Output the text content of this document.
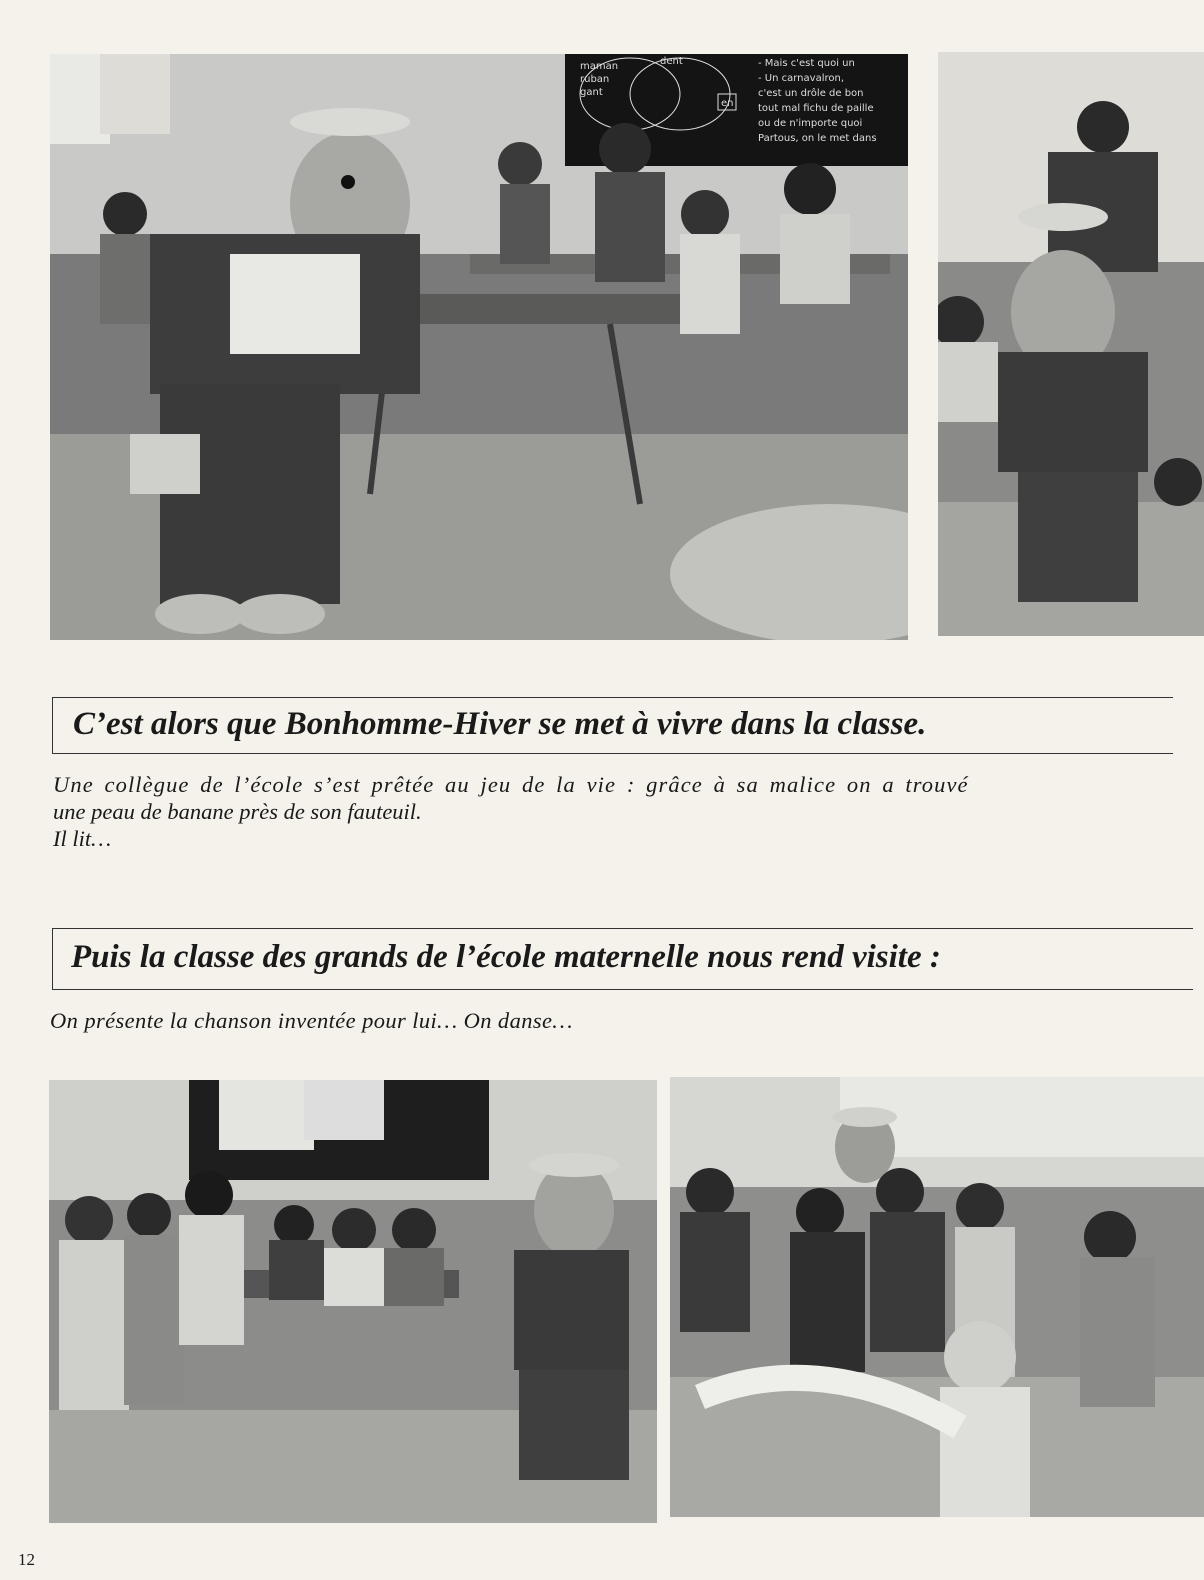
maman
ruban
gant
dent
en
- Mais c'est quoi un
- Un carnavalron,
c'est un drôle de bon
tout mal fichu de paille
ou de n'importe quoi
Partous, on le met dans
C’est alors que Bonhomme-Hiver se met à vivre dans la classe.
Une collègue de l’école s’est prêtée au jeu de la vie : grâce à sa malice on a trouvé
une peau de banane près de son fauteuil.
Il lit…
Puis la classe des grands de l’école maternelle nous rend visite :
On présente la chanson inventée pour lui… On danse…
12
